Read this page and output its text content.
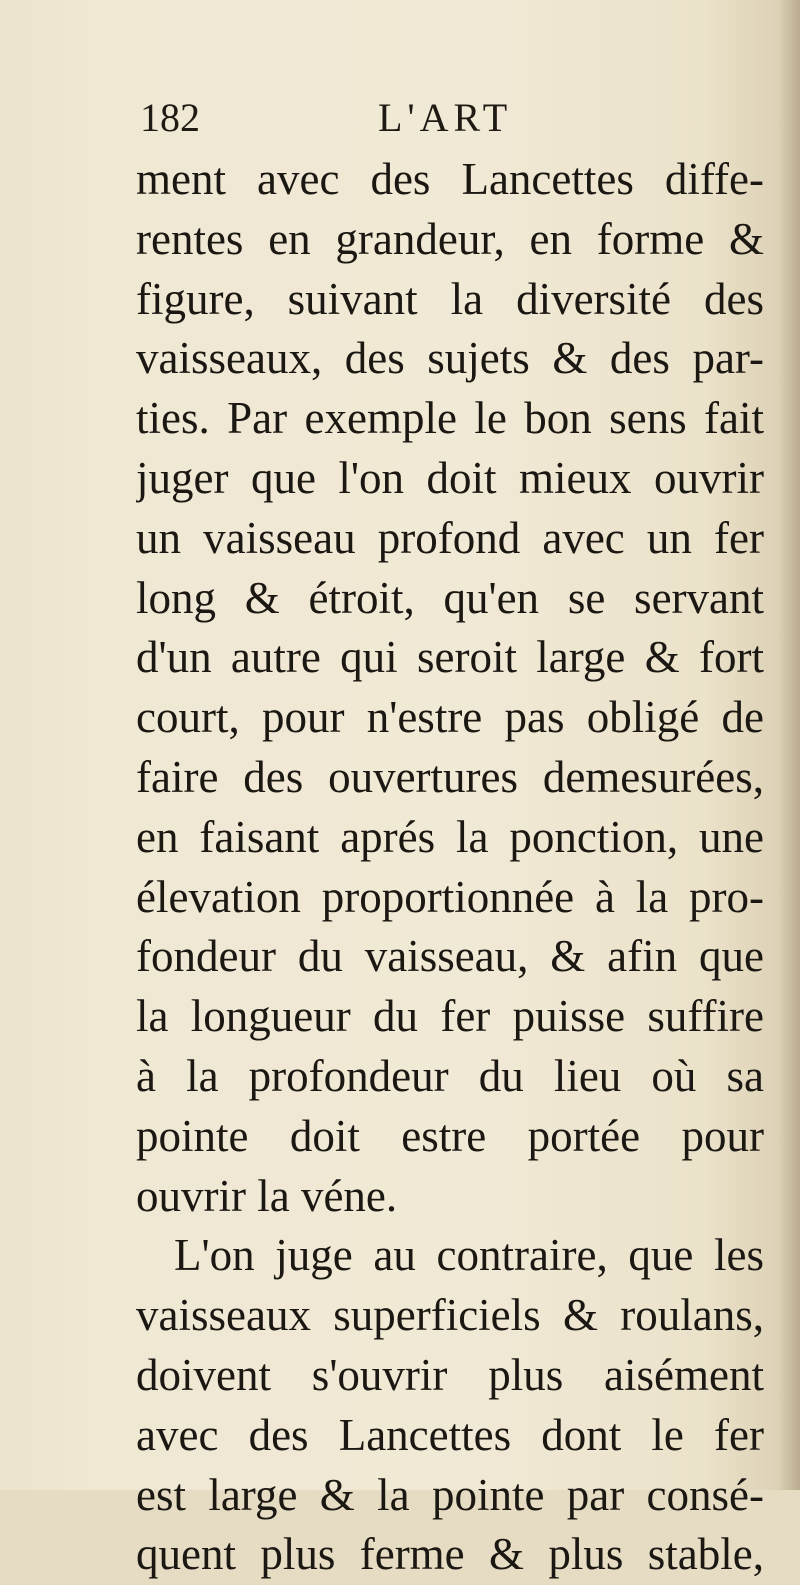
182	L'ART
ment avec des Lancettes diffe-
rentes en grandeur, en forme &
figure, suivant la diversité des
vaisseaux, des sujets & des par-
ties. Par exemple le bon sens fait
juger que l'on doit mieux ouvrir
un vaisseau profond avec un fer
long & étroit, qu'en se servant
d'un autre qui seroit large & fort
court, pour n'estre pas obligé de
faire des ouvertures demesurées,
en faisant aprés la ponction, une
élevation proportionnée à la pro-
fondeur du vaisseau, & afin que
la longueur du fer puisse suffire
à la profondeur du lieu où sa
pointe doit estre portée pour
ouvrir la véne.
L'on juge au contraire, que les
vaisseaux superficiels & roulans,
doivent s'ouvrir plus aisément
avec des Lancettes dont le fer
est large & la pointe par consé-
quent plus ferme & plus stable,
